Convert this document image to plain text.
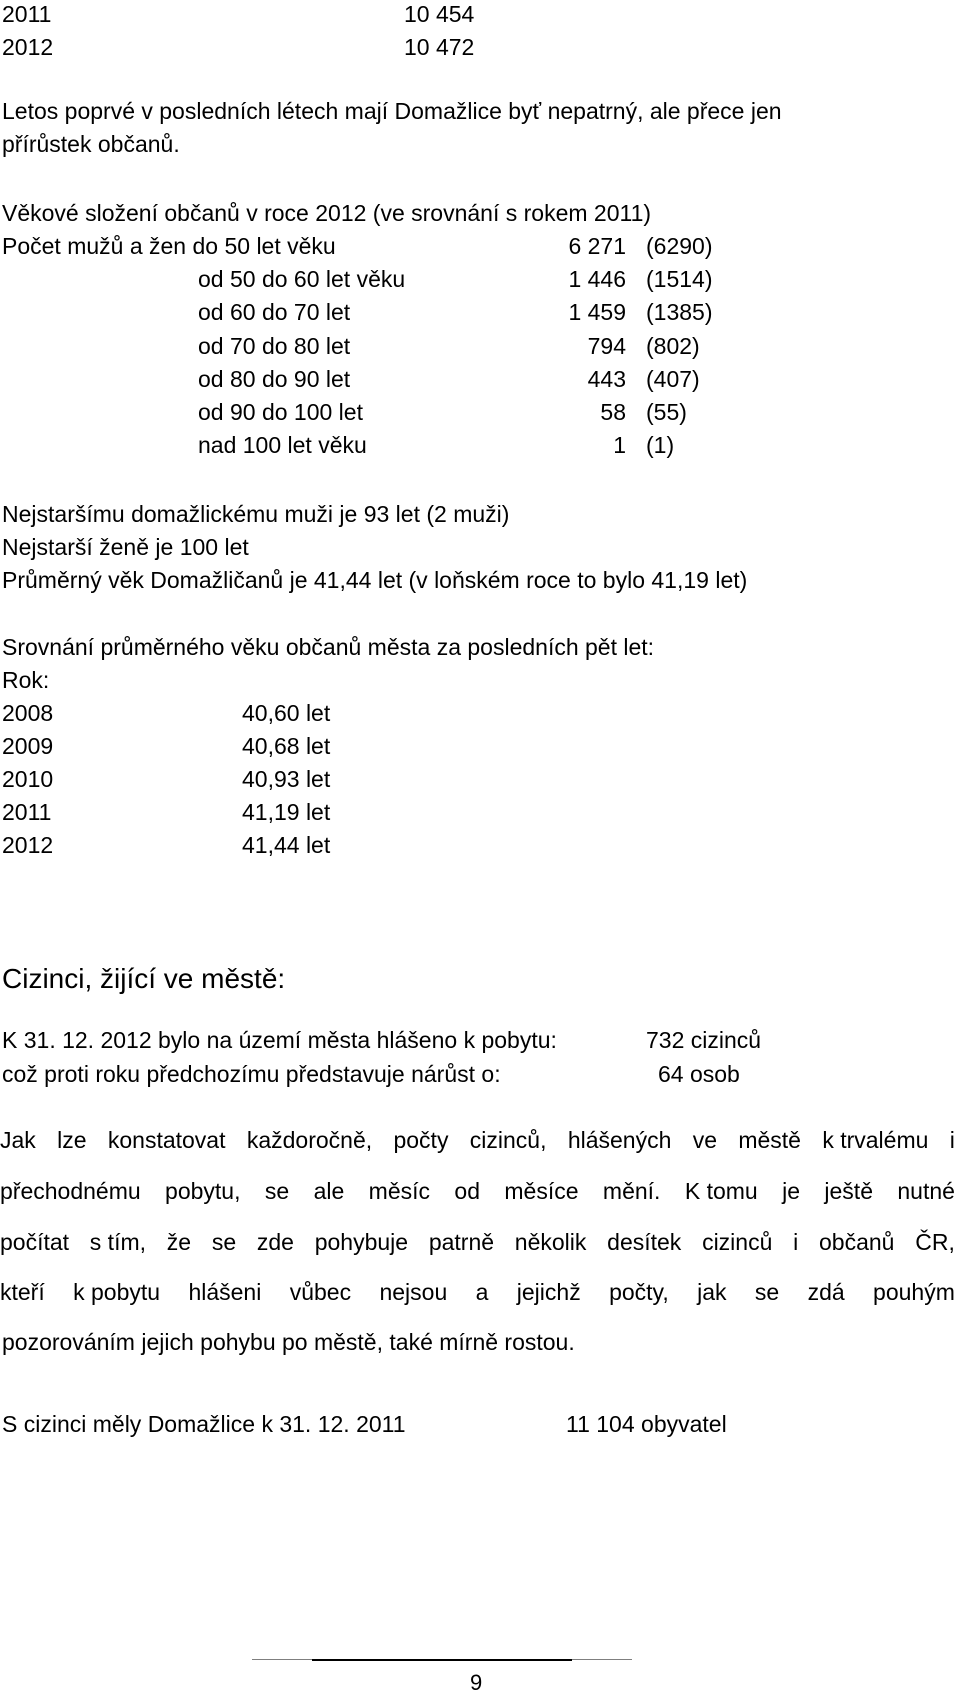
2011	10 454
2012	10 472
Letos poprvé v posledních létech mají Domažlice byť nepatrný, ale přece jen
přírůstek občanů.
Věkové složení občanů v roce 2012 (ve srovnání s rokem 2011)
Počet mužů a žen do 50 let věku	6 271 (6290)
od 50 do 60 let věku	1 446 (1514)
od 60 do 70 let	1 459 (1385)
od 70 do 80 let	794 (802)
od 80 do 90 let	443 (407)
od 90 do 100 let	58 (55)
nad 100 let věku	1 (1)
Nejstaršímu domažlickému muži je 93 let (2 muži)
Nejstarší ženě je 100 let
Průměrný věk Domažličanů je 41,44 let (v loňském roce to bylo 41,19 let)
Srovnání průměrného věku občanů města za posledních pět let:
Rok:
2008	40,60 let
2009	40,68 let
2010	40,93 let
2011	41,19 let
2012	41,44 let
Cizinci, žijící ve městě:
K 31. 12. 2012 bylo na území města hlášeno k pobytu:	732 cizinců
což proti roku předchozímu představuje nárůst o:	64 osob
Jak lze konstatovat každoročně, počty cizinců, hlášených ve městě k trvalému i
přechodnému pobytu, se ale měsíc od měsíce mění. K tomu je ještě nutné
počítat s tím, že se zde pohybuje patrně několik desítek cizinců i občanů ČR,
kteří k pobytu hlášeni vůbec nejsou a jejichž počty, jak se zdá pouhým
pozorováním jejich pohybu po městě, také mírně rostou.
S cizinci měly Domažlice k 31. 12. 2011	11 104 obyvatel
9
